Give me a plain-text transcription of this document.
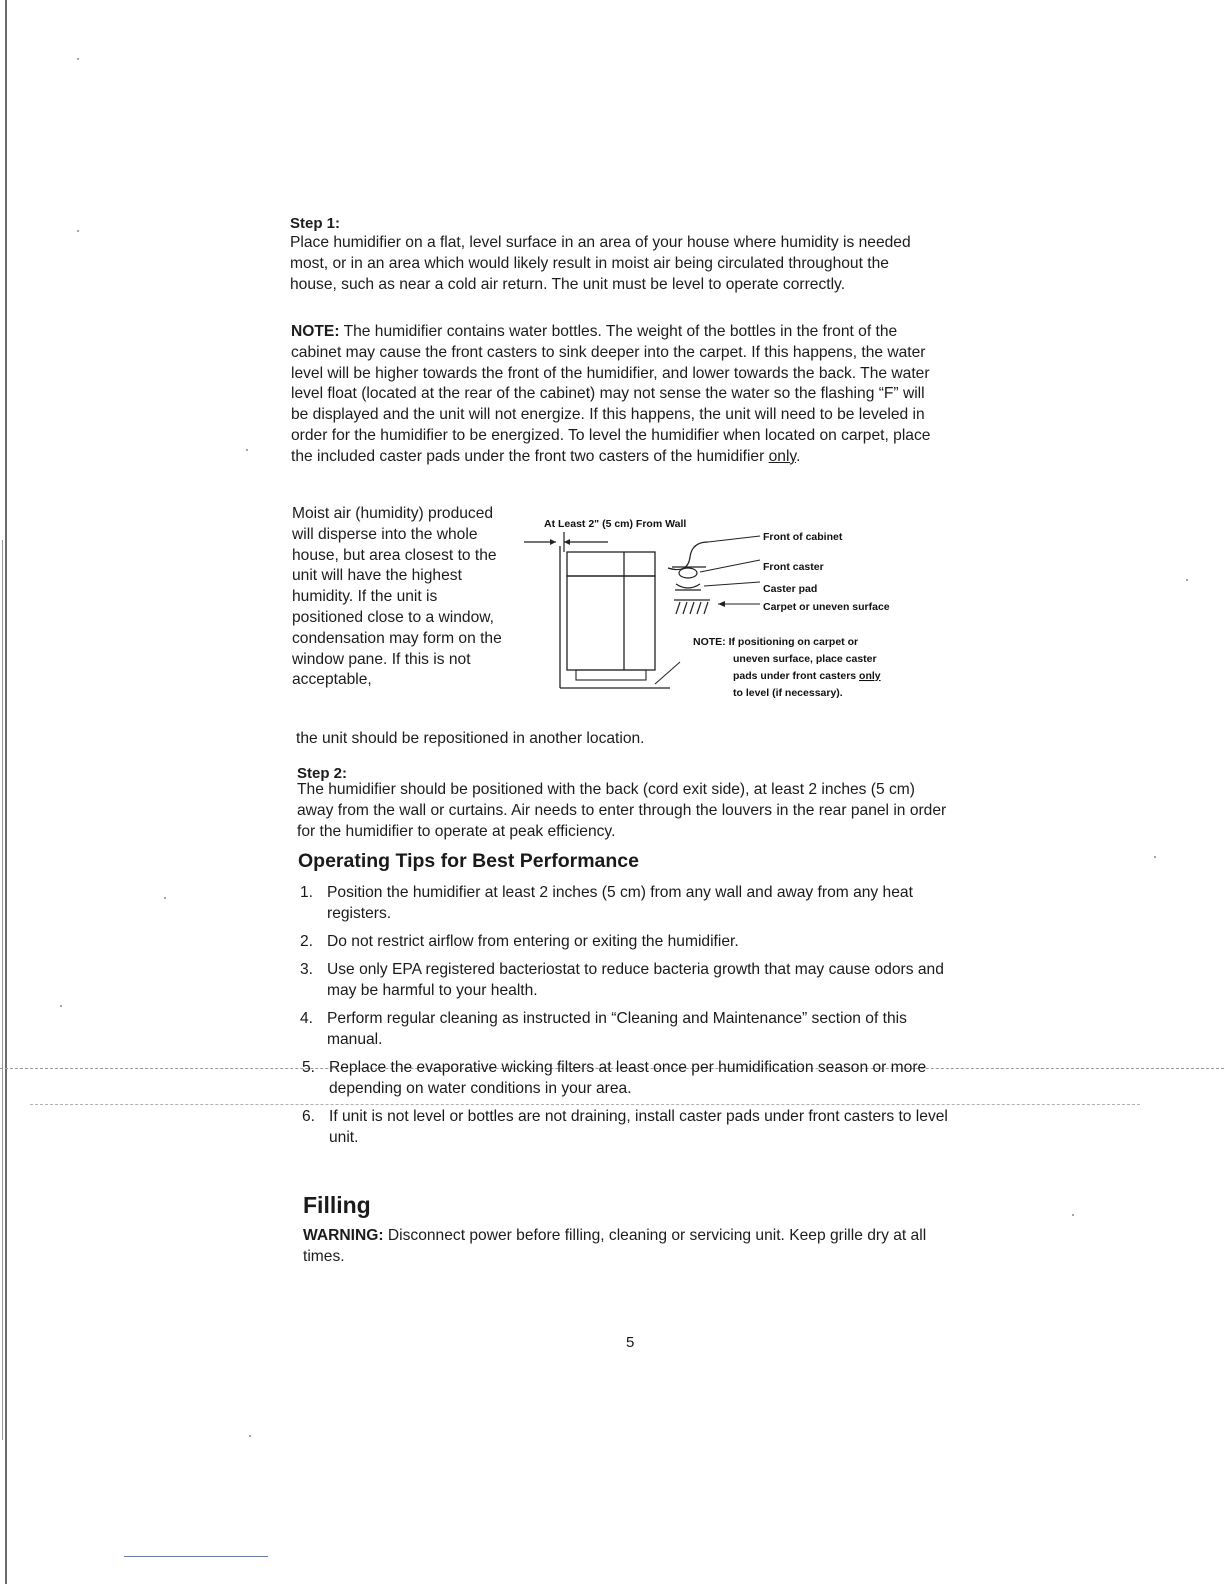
Step 1:
Place humidifier on a flat, level surface in an area of your house where humidity is needed most, or in an area which would likely result in moist air being circulated throughout the house, such as near a cold air return. The unit must be level to operate correctly.
NOTE: The humidifier contains water bottles. The weight of the bottles in the front of the cabinet may cause the front casters to sink deeper into the carpet. If this happens, the water level will be higher towards the front of the humidifier, and lower towards the back. The water level float (located at the rear of the cabinet) may not sense the water so the flashing “F” will be displayed and the unit will not energize. If this happens, the unit will need to be leveled in order for the humidifier to be energized. To level the humidifier when located on carpet, place the included caster pads under the front two casters of the humidifier only.
Moist air (humidity) produced will disperse into the whole house, but area closest to the unit will have the highest humidity. If the unit is positioned close to a window, condensation may form on the window pane. If this is not acceptable,
the unit should be repositioned in another location.
At Least 2" (5 cm) From Wall
Front of cabinet
Front caster
Caster pad
Carpet or uneven surface
NOTE: If positioning on carpet or
uneven surface, place caster
pads under front casters only
to level (if necessary).
Step 2:
The humidifier should be positioned with the back (cord exit side), at least 2 inches (5 cm) away from the wall or curtains. Air needs to enter through the louvers in the rear panel in order for the humidifier to operate at peak efficiency.
Operating Tips for Best Performance
1. Position the humidifier at least 2 inches (5 cm) from any wall and away from any heat registers.
2. Do not restrict airflow from entering or exiting the humidifier.
3. Use only EPA registered bacteriostat to reduce bacteria growth that may cause odors and may be harmful to your health.
4. Perform regular cleaning as instructed in “Cleaning and Maintenance” section of this manual.
5. Replace the evaporative wicking filters at least once per humidification season or more depending on water conditions in your area.
6. If unit is not level or bottles are not draining, install caster pads under front casters to level unit.
Filling
WARNING: Disconnect power before filling, cleaning or servicing unit. Keep grille dry at all times.
5
